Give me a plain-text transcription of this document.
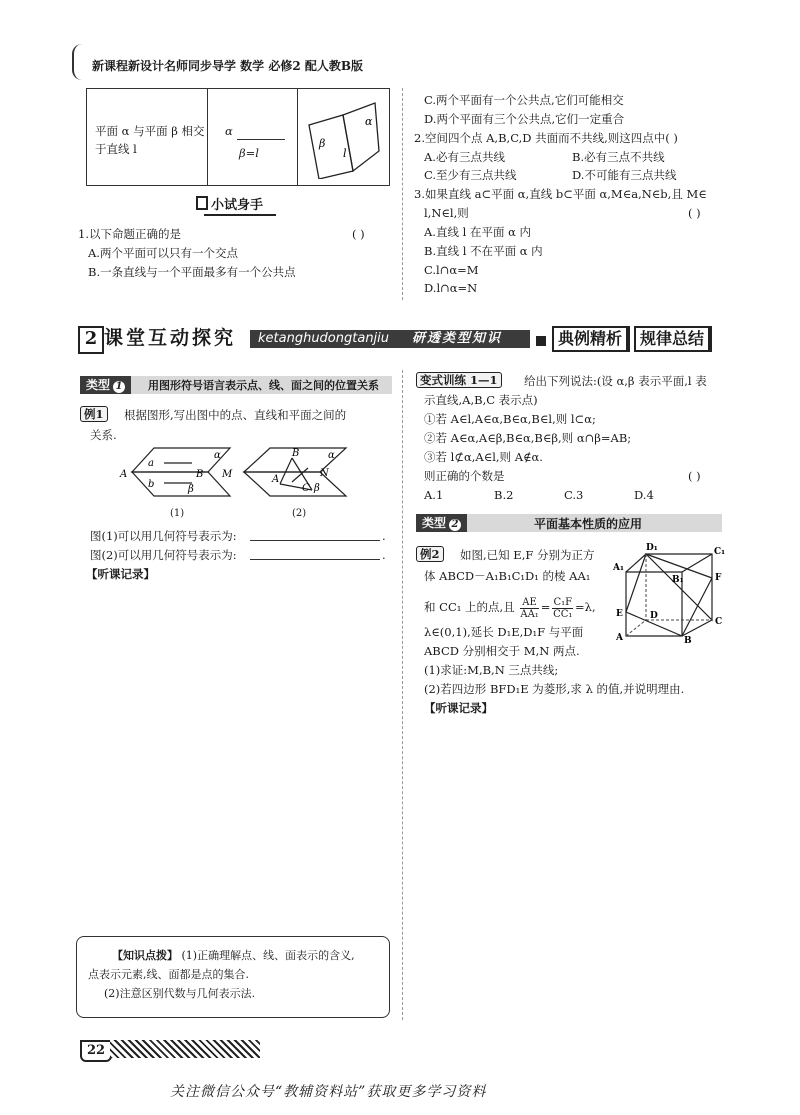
新课程新设计名师同步导学 数学 必修2 配人教B版
平面 α 与平面 β 相交
于直线 l
α
β=l
β
l
α
小试身手
1.以下命题正确的是	( )
A.两个平面可以只有一个交点
B.一条直线与一个平面最多有一个公共点
C.两个平面有一个公共点,它们可能相交
D.两个平面有三个公共点,它们一定重合
2.空间四个点 A,B,C,D 共面而不共线,则这四点中( )
A.必有三点共线	B.必有三点不共线
C.至少有三点共线	D.不可能有三点共线
3.如果直线 a⊂平面 α,直线 b⊂平面 α,M∈a,N∈b,且 M∈
l,N∈l,则	( )
A.直线 l 在平面 α 内
B.直线 l 不在平面 α 内
C.l∩α=M
D.l∩α=N
2 课堂互动探究 ketanghudongtanjiu 研透类型知识	典例精析	规律总结
类型 1	用图形符号语言表示点、线、面之间的位置关系
例1	根据图形,写出图中的点、直线和平面之间的
关系.
a
A	B
b	β
α
(1)
M
B
N
A
C β
α
(2)
图(1)可以用几何符号表示为:	.
图(2)可以用几何符号表示为:	.
【听课记录】
变式训练 1—1	给出下列说法:(设 α,β 表示平面,l 表
示直线,A,B,C 表示点)
①若 A∈l,A∈α,B∈α,B∈l,则 l⊂α;
②若 A∈α,A∈β,B∈α,B∈β,则 α∩β=AB;
③若 l⊄α,A∈l,则 A∉α.
则正确的个数是	( )
A.1	B.2	C.3	D.4
类型 2	平面基本性质的应用
例2	如图,已知 E,F 分别为正方
体 ABCD－A₁B₁C₁D₁ 的棱 AA₁
和 CC₁ 上的点,且 $\frac{AE}{\text{AA₁}} = \frac{\text{C₁F}}{\text{CC₁}} =\lambda$,
λ∈(0,1),延长 D₁E,D₁F 与平面
ABCD 分别相交于 M,N 两点.
(1)求证:M,B,N 三点共线;
(2)若四边形 BFD₁E 为菱形,求 λ 的值,并说明理由.
【听课记录】
D₁	C₁
A₁
B₁	F
E	D
C
A	B
【知识点拨】 (1)正确理解点、线、面表示的含义,
点表示元素,线、面都是点的集合.
(2)注意区别代数与几何表示法.
22
关注微信公众号“教辅资料站”获取更多学习资料
